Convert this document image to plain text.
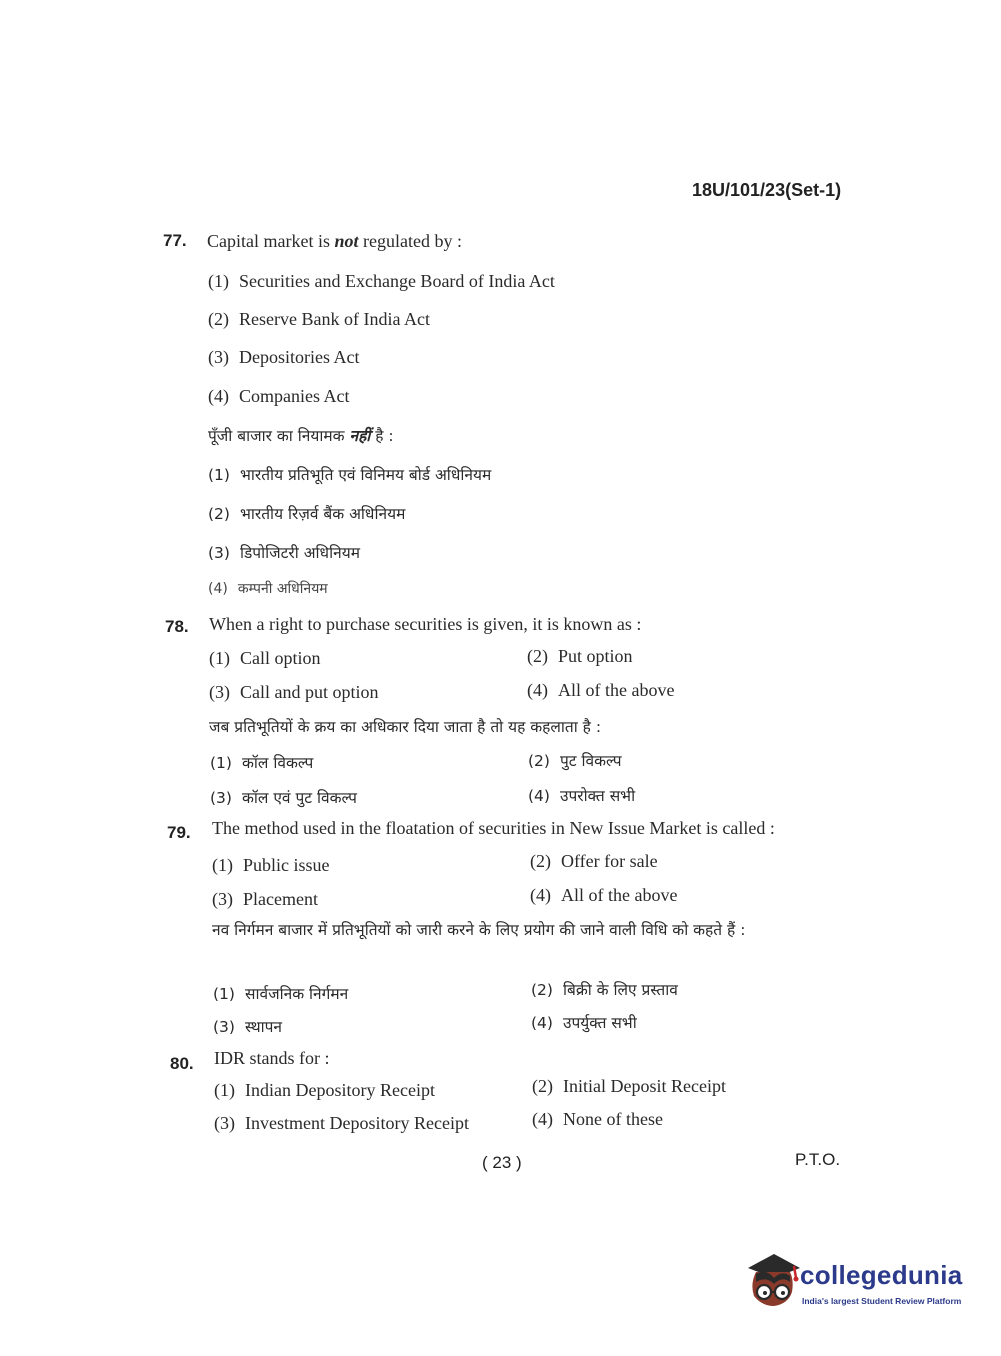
18U/101/23(Set-1)
77. Capital market is not regulated by :
(1) Securities and Exchange Board of India Act
(2) Reserve Bank of India Act
(3) Depositories Act
(4) Companies Act
पूँजी बाजार का नियामक नहीं है :
(1) भारतीय प्रतिभूति एवं विनिमय बोर्ड अधिनियम
(2) भारतीय रिज़र्व बैंक अधिनियम
(3) डिपोजिटरी अधिनियम
(4) कम्पनी अधिनियम
78. When a right to purchase securities is given, it is known as :
(1) Call option	(2) Put option
(3) Call and put option	(4) All of the above
जब प्रतिभूतियों के क्रय का अधिकार दिया जाता है तो यह कहलाता है :
(1) कॉल विकल्प	(2) पुट विकल्प
(3) कॉल एवं पुट विकल्प	(4) उपरोक्त सभी
79. The method used in the floatation of securities in New Issue Market is called :
(1) Public issue	(2) Offer for sale
(3) Placement	(4) All of the above
नव निर्गमन बाजार में प्रतिभूतियों को जारी करने के लिए प्रयोग की जाने वाली विधि को कहते हैं :
(1) सार्वजनिक निर्गमन	(2) बिक्री के लिए प्रस्ताव
(3) स्थापन	(4) उपर्युक्त सभी
80. IDR stands for :
(1) Indian Depository Receipt	(2) Initial Deposit Receipt
(3) Investment Depository Receipt	(4) None of these
( 23 )	P.T.O.
collegedunia
India's largest Student Review Platform
